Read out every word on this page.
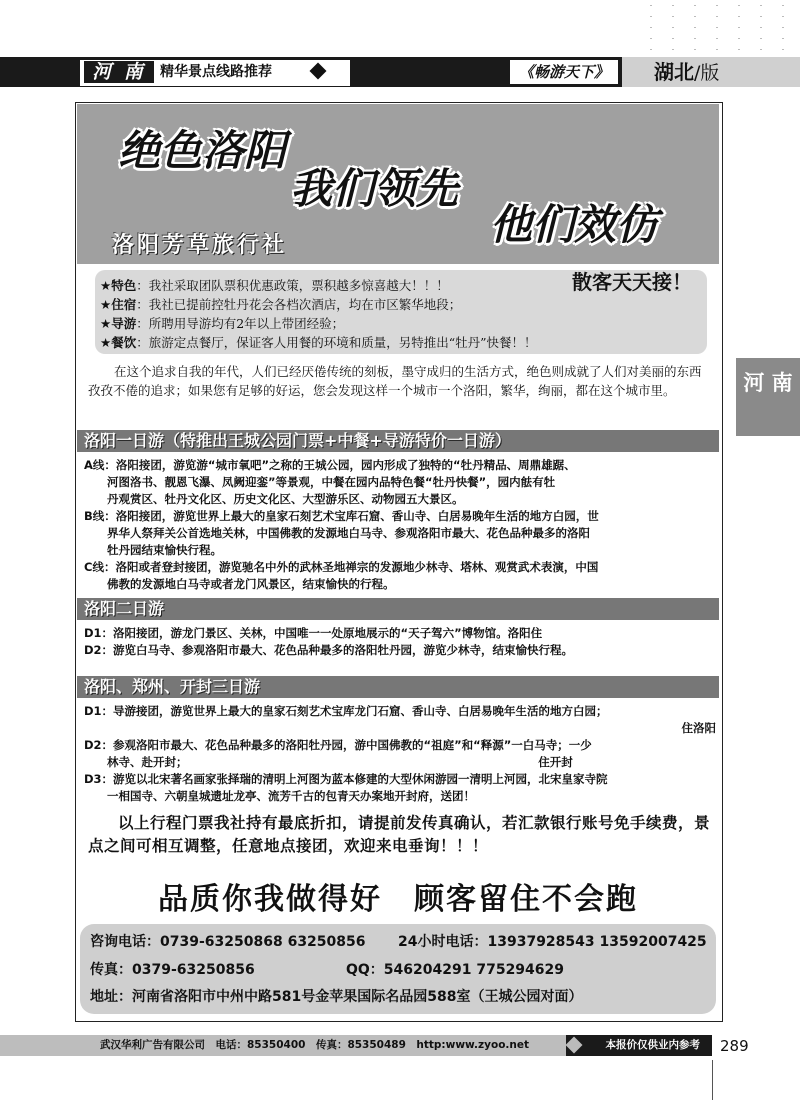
河 南	精华景点线路推荐	《畅游天下》	湖北/版
河 南
绝色洛阳
我们领先
他们效仿
洛阳芳草旅行社
★特色：我社采取团队票积优惠政策，票积越多惊喜越大！！！
★住宿：我社已提前控牡丹花会各档次酒店，均在市区繁华地段；
★导游：所聘用导游均有2年以上带团经验；
★餐饮：旅游定点餐厅，保证客人用餐的环境和质量，另特推出“牡丹”快餐！！
散客天天接！
在这个追求自我的年代，人们已经厌倦传统的刻板，墨守成归的生活方式，绝色则成就了人们对美丽的东西孜孜不倦的追求；如果您有足够的好运，您会发现这样一个城市一个洛阳，繁华，绚丽，都在这个城市里。
洛阳一日游（特推出王城公园门票+中餐+导游特价一日游）
A线：洛阳接团，游览游“城市氧吧”之称的王城公园，园内形成了独特的“牡丹精品、周鼎雄踞、
　　河图洛书、靓恩飞瀑、凤阙迎銮”等景观，中餐在园内品特色餐“牡丹快餐”，园内䏻有牡
　　丹观赏区、牡丹文化区、历史文化区、大型游乐区、动物园五大景区。
B线：洛阳接团，游览世界上最大的皇家石刻艺术宝库石窟、香山寺、白居易晚年生活的地方白园，世
　　界华人祭拜关公首选地关林，中国佛教的发源地白马寺、参观洛阳市最大、花色品种最多的洛阳
　　牡丹园结束愉快行程。
C线：洛阳或者登封接团，游览驰名中外的武林圣地禅宗的发源地少林寺、塔林、观赏武术表演，中国
　　佛教的发源地白马寺或者龙门风景区，结束愉快的行程。
洛阳二日游
D1：洛阳接团，游龙门景区、关林，中国唯一一处原地展示的“天子驾六”博物馆。洛阳住
D2：游览白马寺、参观洛阳市最大、花色品种最多的洛阳牡丹园，游览少林寺，结束愉快行程。
洛阳、郑州、开封三日游
D1：导游接团，游览世界上最大的皇家石刻艺术宝库龙门石窟、香山寺、白居易晚年生活的地方白园；
住洛阳
D2：参观洛阳市最大、花色品种最多的洛阳牡丹园，游中国佛教的“祖庭”和“释源”一白马寺；一少
　　林寺、赴开封；　　　　　　　　　　　　　　　　　　　　　　　　　　　　　　　住开封
D3：游览以北宋著名画家张择瑞的清明上河图为蓝本修建的大型休闲游园一清明上河园，北宋皇家寺院
　　一相国寺、六朝皇城遗址龙亭、流芳千古的包青天办案地开封府，送团！
以上行程门票我社持有最底折扣，请提前发传真确认，若汇款银行账号免手续费，景点之间可相互调整，任意地点接团，欢迎来电垂询！！！
品质你我做得好　顾客留住不会跑
咨询电话：0739-63250868 63250856 24小时电话：13937928543 13592007425
传真：0379-63250856	QQ：546204291 775294629
地址：河南省洛阳市中州中路581号金苹果国际名品园588室（王城公园对面）
武汉华利广告有限公司　电话：85350400　传真：85350489　http:www.zyoo.net	本报价仅供业内参考	289
